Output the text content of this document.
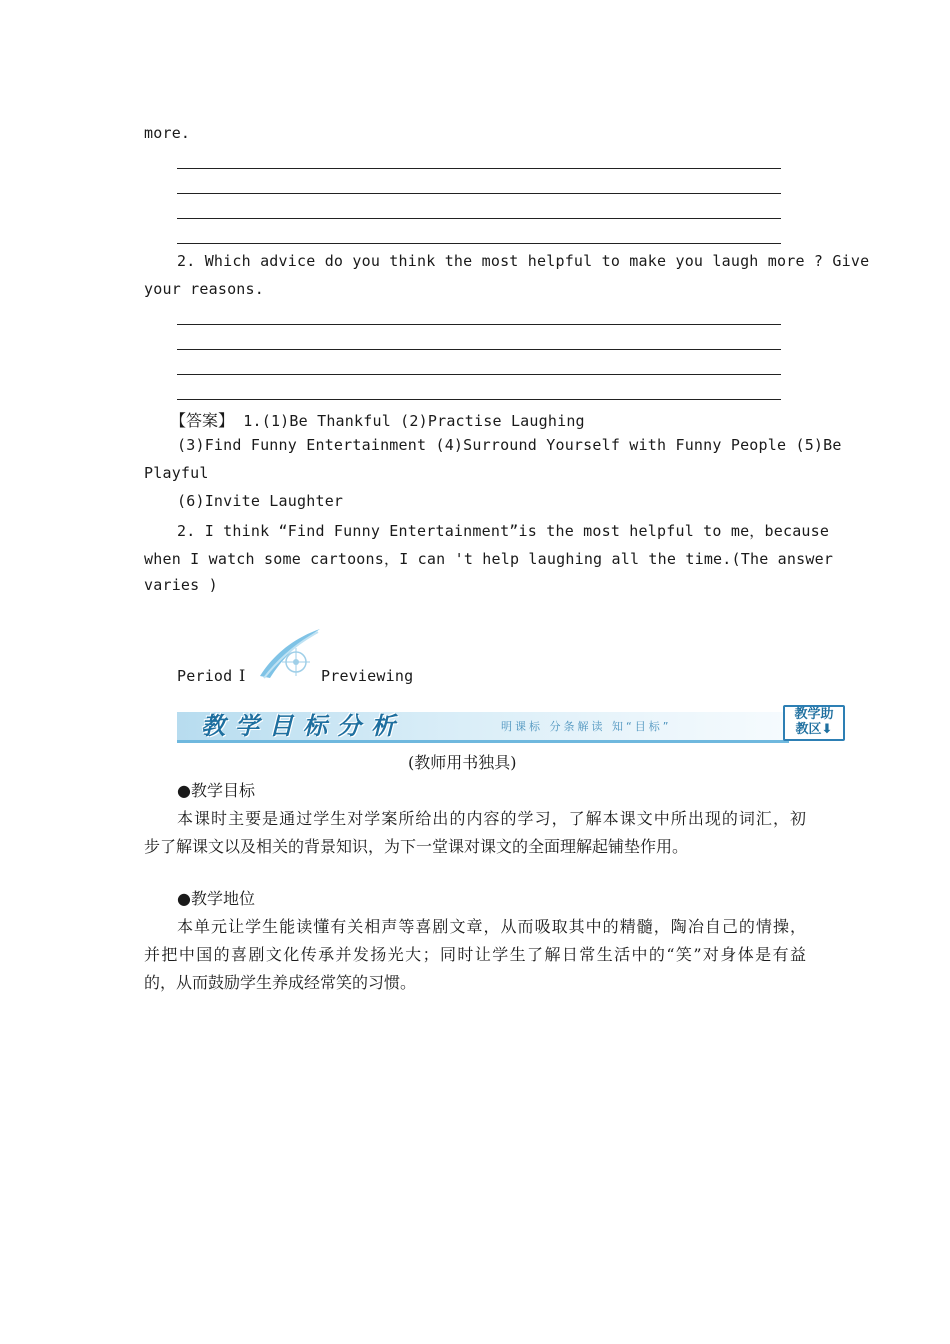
more.
2. Which advice do you think the most helpful to make you laugh more ? Give
your reasons.
【答案】 1.(1)Be Thankful (2)Practise Laughing
(3)Find Funny Entertainment (4)Surround Yourself with Funny People (5)Be
Playful
(6)Invite Laughter
2. I think “Find Funny Entertainment”is the most helpful to me，because
when I watch some cartoons，I can 't help laughing all the time.(The answer
varies )
Period Ⅰ	Previewing
教学目标分析	明课标 分条解读 知“目标”
教学助
教区⬇
(教师用书独具)
●教学目标
本课时主要是通过学生对学案所给出的内容的学习，了解本课文中所出现的词汇，初
步了解课文以及相关的背景知识，为下一堂课对课文的全面理解起铺垫作用。
●教学地位
本单元让学生能读懂有关相声等喜剧文章，从而吸取其中的精髓，陶冶自己的情操，
并把中国的喜剧文化传承并发扬光大；同时让学生了解日常生活中的“笑”对身体是有益
的，从而鼓励学生养成经常笑的习惯。
